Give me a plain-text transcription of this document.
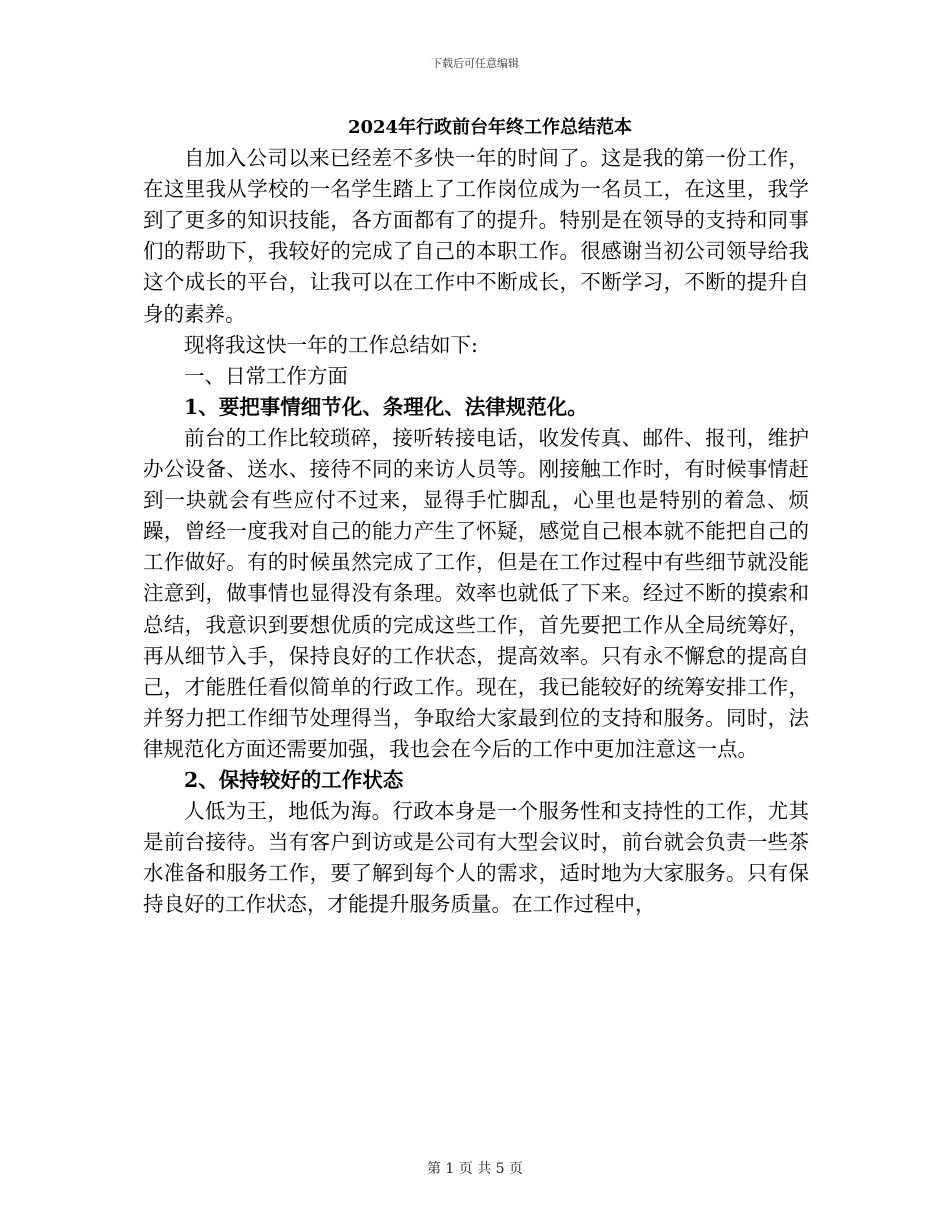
下载后可任意编辑
2024年行政前台年终工作总结范本

自加入公司以来已经差不多快一年的时间了。这是我的第一份工作，在这里我从学校的一名学生踏上了工作岗位成为一名员工，在这里，我学到了更多的知识技能，各方面都有了的提升。特别是在领导的支持和同事们的帮助下，我较好的完成了自己的本职工作。很感谢当初公司领导给我这个成长的平台，让我可以在工作中不断成长，不断学习，不断的提升自身的素养。

现将我这快一年的工作总结如下:

一、日常工作方面

1、要把事情细节化、条理化、法律规范化。

前台的工作比较琐碎，接听转接电话，收发传真、邮件、报刊，维护办公设备、送水、接待不同的来访人员等。刚接触工作时，有时候事情赶到一块就会有些应付不过来，显得手忙脚乱，心里也是特别的着急、烦躁，曾经一度我对自己的能力产生了怀疑，感觉自己根本就不能把自己的工作做好。有的时候虽然完成了工作，但是在工作过程中有些细节就没能注意到，做事情也显得没有条理。效率也就低了下来。经过不断的摸索和总结，我意识到要想优质的完成这些工作，首先要把工作从全局统筹好，再从细节入手，保持良好的工作状态，提高效率。只有永不懈怠的提高自己，才能胜任看似简单的行政工作。现在，我已能较好的统筹安排工作，并努力把工作细节处理得当，争取给大家最到位的支持和服务。同时，法律规范化方面还需要加强，我也会在今后的工作中更加注意这一点。

2、保持较好的工作状态

人低为王，地低为海。行政本身是一个服务性和支持性的工作，尤其是前台接待。当有客户到访或是公司有大型会议时，前台就会负责一些茶水准备和服务工作，要了解到每个人的需求，适时地为大家服务。只有保持良好的工作状态，才能提升服务质量。在工作过程中，

第 1 页 共 5 页
